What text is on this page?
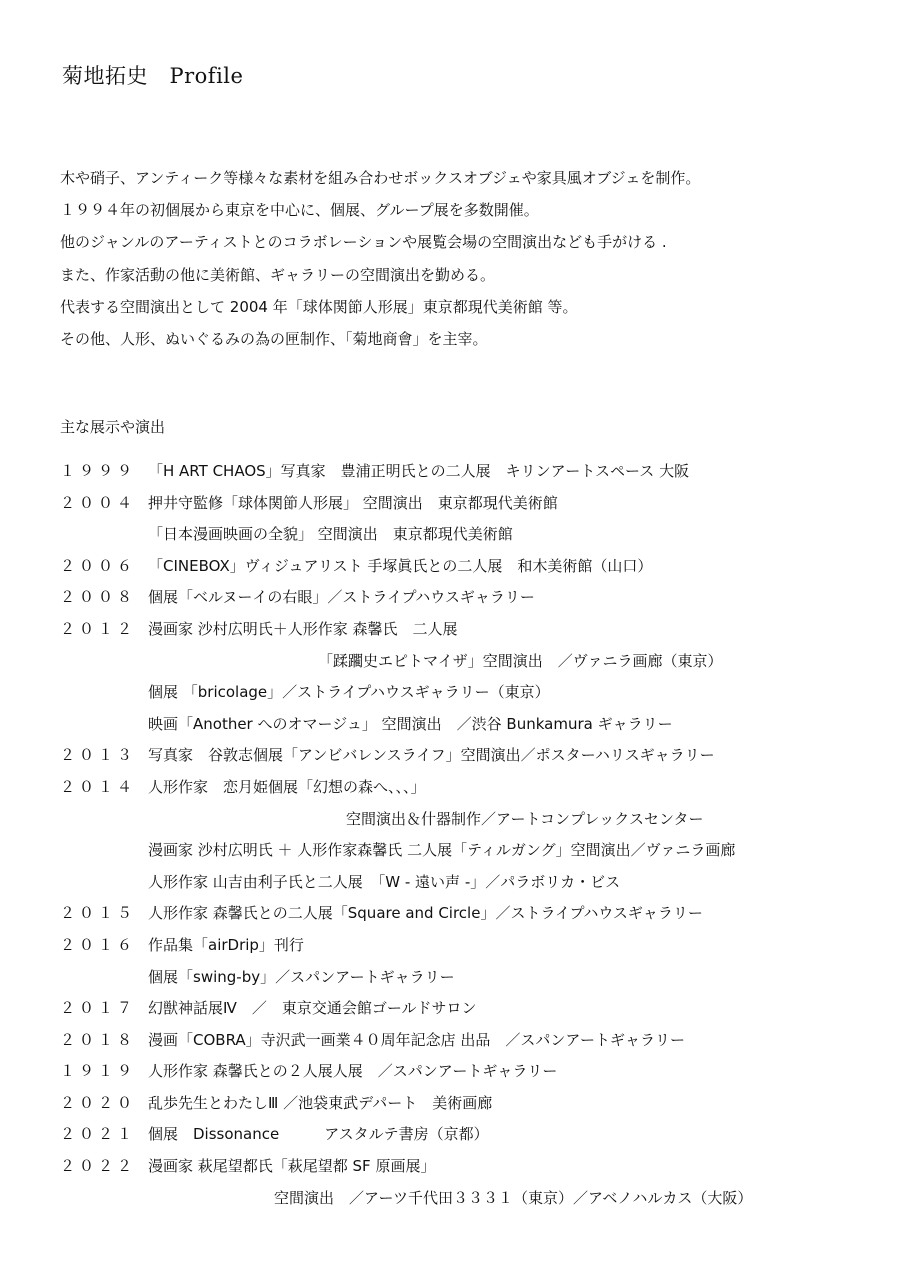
菊地拓史　Profile
木や硝子、アンティーク等様々な素材を組み合わせボックスオブジェや家具風オブジェを制作。
１９９４年の初個展から東京を中心に、個展、グループ展を多数開催。
他のジャンルのアーティストとのコラボレーションや展覧会場の空間演出なども手がける .
また、作家活動の他に美術館、ギャラリーの空間演出を勤める。
代表する空間演出として 2004 年「球体関節人形展」東京都現代美術館 等。
その他、人形、ぬいぐるみの為の匣制作、「菊地商會」を主宰。
主な展示や演出
１９９９ 「H ART CHAOS」写真家　豊浦正明氏との二人展　キリンアートスペース 大阪
２００４ 押井守監修「球体関節人形展」 空間演出　東京都現代美術館
「日本漫画映画の全貌」 空間演出　東京都現代美術館
２００６ 「CINEBOX」ヴィジュアリスト 手塚眞氏との二人展　和木美術館（山口）
２００８ 個展「ベルヌーイの右眼」／ストライプハウスギャラリー
２０１２ 漫画家 沙村広明氏＋人形作家 森馨氏　二人展
「蹂躙史エピトマイザ」空間演出　／ヴァニラ画廊（東京）
個展 「bricolage」／ストライプハウスギャラリー（東京）
映画「Another へのオマージュ」 空間演出　／渋谷 Bunkamura ギャラリー
２０１３ 写真家　谷敦志個展「アンビバレンスライフ」空間演出／ポスターハリスギャラリー
２０１４ 人形作家　恋月姫個展「幻想の森へ、、、」
空間演出＆什器制作／アートコンプレックスセンター
漫画家 沙村広明氏 ＋ 人形作家森馨氏 二人展「ティルガング」空間演出／ヴァニラ画廊
人形作家 山吉由利子氏と二人展　「W - 遠い声 -」／パラボリカ・ビス
２０１５ 人形作家 森馨氏との二人展「Square and Circle」／ストライプハウスギャラリー
２０１６ 作品集「airDrip」刊行
個展「swing-by」／スパンアートギャラリー
２０１７ 幻獣神話展Ⅳ　／　東京交通会館ゴールドサロン
２０１８ 漫画「COBRA」寺沢武一画業４０周年記念店 出品　／スパンアートギャラリー
１９１９ 人形作家 森馨氏との２人展人展　／スパンアートギャラリー
２０２０ 乱歩先生とわたしⅢ ／池袋東武デパート　美術画廊
２０２１ 個展　Dissonance　　　アスタルテ書房（京都）
２０２２ 漫画家 萩尾望都氏「萩尾望都 SF 原画展」
空間演出　／アーツ千代田３３３１（東京）／アベノハルカス（大阪）
